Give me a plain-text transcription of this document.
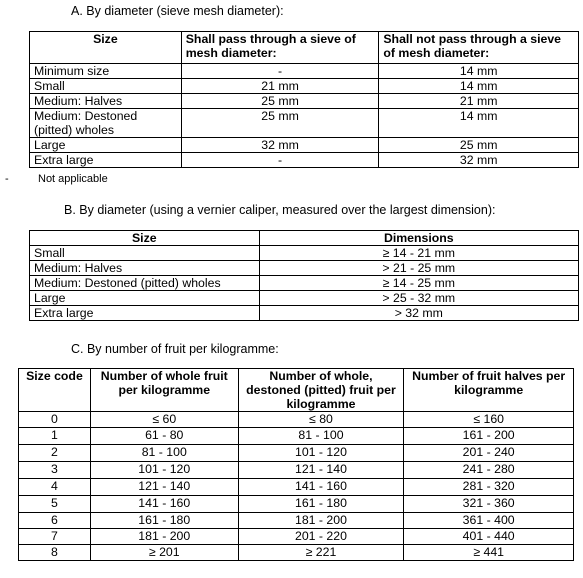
A. By diameter (sieve mesh diameter):
Size	Shall pass through a sieve of mesh diameter:	Shall not pass through a sieve of mesh diameter:
Minimum size	-	14 mm
Small	21 mm	14 mm
Medium: Halves	25 mm	21 mm
Medium: Destoned (pitted) wholes	25 mm	14 mm
Large	32 mm	25 mm
Extra large	-	32 mm
-	Not applicable
B. By diameter (using a vernier caliper, measured over the largest dimension):
Size	Dimensions
Small	≥ 14 - 21 mm
Medium: Halves	> 21 - 25 mm
Medium: Destoned (pitted) wholes	≥ 14 - 25 mm
Large	> 25 - 32 mm
Extra large	> 32 mm
C. By number of fruit per kilogramme:
Size code	Number of whole fruit per kilogramme	Number of whole, destoned (pitted) fruit per kilogramme	Number of fruit halves per kilogramme
0	≤ 60	≤ 80	≤ 160
1	61 - 80	81 - 100	161 - 200
2	81 - 100	101 - 120	201 - 240
3	101 - 120	121 - 140	241 - 280
4	121 - 140	141 - 160	281 - 320
5	141 - 160	161 - 180	321 - 360
6	161 - 180	181 - 200	361 - 400
7	181 - 200	201 - 220	401 - 440
8	≥ 201	≥ 221	≥ 441
